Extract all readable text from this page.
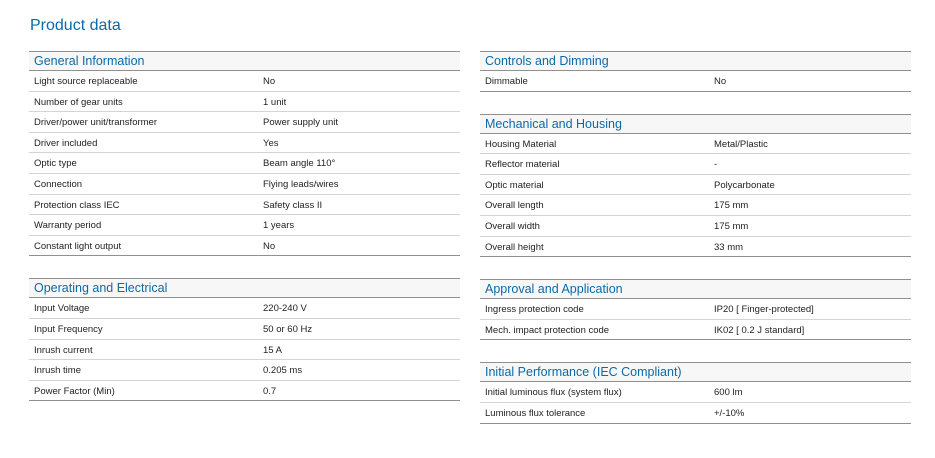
Product data
General Information
Light source replaceable	No
Number of gear units	1 unit
Driver/power unit/transformer	Power supply unit
Driver included	Yes
Optic type	Beam angle 110°
Connection	Flying leads/wires
Protection class IEC	Safety class II
Warranty period	1 years
Constant light output	No
Operating and Electrical
Input Voltage	220-240 V
Input Frequency	50 or 60 Hz
Inrush current	15 A
Inrush time	0.205 ms
Power Factor (Min)	0.7
Controls and Dimming
Dimmable	No
Mechanical and Housing
Housing Material	Metal/Plastic
Reflector material	-
Optic material	Polycarbonate
Overall length	175 mm
Overall width	175 mm
Overall height	33 mm
Approval and Application
Ingress protection code	IP20 [ Finger-protected]
Mech. impact protection code	IK02 [ 0.2 J standard]
Initial Performance (IEC Compliant)
Initial luminous flux (system flux)	600 lm
Luminous flux tolerance	+/-10%
